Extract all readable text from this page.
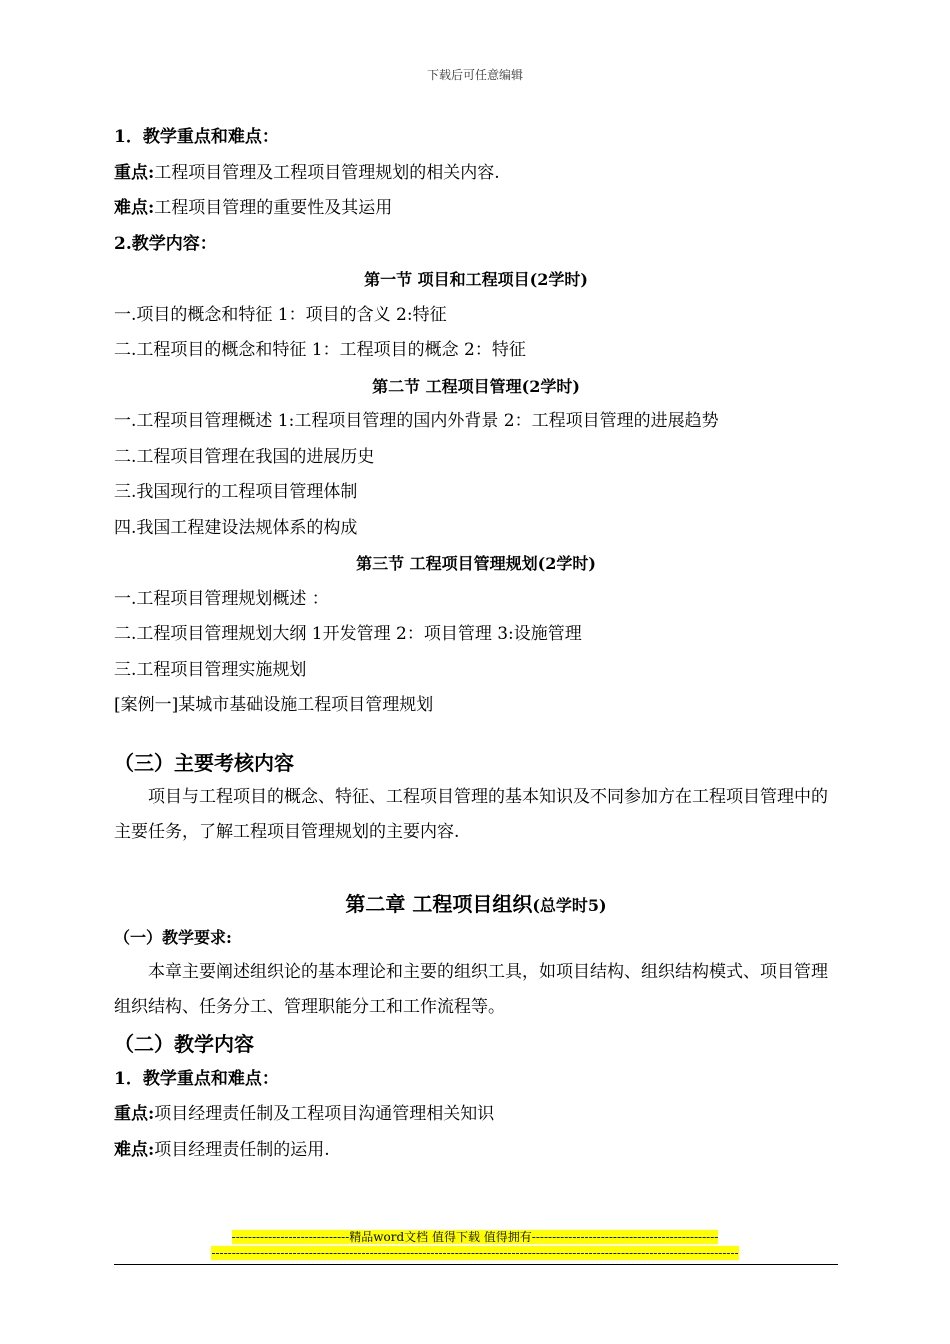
下载后可任意编辑
1．教学重点和难点：
重点:工程项目管理及工程项目管理规划的相关内容.
难点:工程项目管理的重要性及其运用
2.教学内容：
第一节 项目和工程项目(2学时)
一.项目的概念和特征 1：项目的含义 2:特征
二.工程项目的概念和特征 1：工程项目的概念 2：特征
第二节 工程项目管理(2学时)
一.工程项目管理概述 1:工程项目管理的国内外背景 2：工程项目管理的进展趋势
二.工程项目管理在我国的进展历史
三.我国现行的工程项目管理体制
四.我国工程建设法规体系的构成
第三节 工程项目管理规划(2学时)
一.工程项目管理规划概述 ：
二.工程项目管理规划大纲 1开发管理 2：项目管理 3:设施管理
三.工程项目管理实施规划
[案例一]某城市基础设施工程项目管理规划
（三）主要考核内容
项目与工程项目的概念、特征、工程项目管理的基本知识及不同参加方在工程项目管理中的主要任务，了解工程项目管理规划的主要内容.
第二章 工程项目组织(总学时5)
（一）教学要求:
本章主要阐述组织论的基本理论和主要的组织工具，如项目结构、组织结构模式、项目管理组织结构、任务分工、管理职能分工和工作流程等。
（二）教学内容
1．教学重点和难点：
重点:项目经理责任制及工程项目沟通管理相关知识
难点:项目经理责任制的运用.
-----------------------------精品word文档 值得下载 值得拥有----------------------------------------------
----------------------------------------------------------------------------------------------------------------------------------
